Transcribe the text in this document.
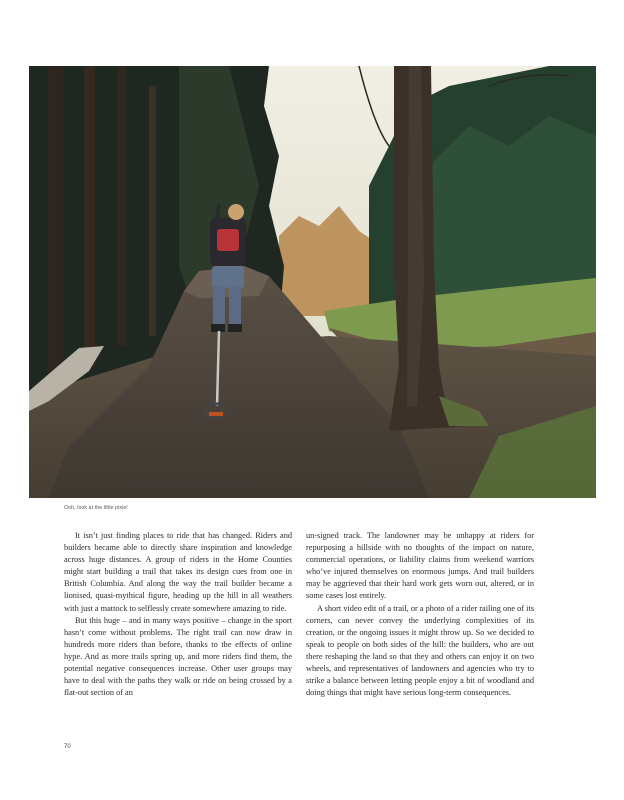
Ooh, look at the little pixie!

It isn’t just finding places to ride that has changed. Riders and builders became able to directly share inspiration and knowledge across huge distances. A group of riders in the Home Counties might start building a trail that takes its design cues from one in British Columbia. And along the way the trail builder became a lionised, quasi-mythical figure, heading up the hill in all weathers with just a mattock to selflessly create somewhere amazing to ride.

But this huge – and in many ways positive – change in the sport hasn’t come without problems. The right trail can now draw in hundreds more riders than before, thanks to the effects of online hype. And as more trails spring up, and more riders find them, the potential negative consequences increase. Other user groups may have to deal with the paths they walk or ride on being crossed by a flat-out section of an

un-signed track. The landowner may be unhappy at riders for repurposing a hillside with no thoughts of the impact on nature, commercial operations, or liability claims from weekend warriors who’ve injured themselves on enormous jumps. And trail builders may be aggrieved that their hard work gets worn out, altered, or in some cases lost entirely.

A short video edit of a trail, or a photo of a rider railing one of its corners, can never convey the underlying complexities of its creation, or the ongoing issues it might throw up. So we decided to speak to people on both sides of the hill: the builders, who are out there reshaping the land so that they and others can enjoy it on two wheels, and representatives of landowners and agencies who try to strike a balance between letting people enjoy a bit of woodland and doing things that might have serious long-term consequences.

70
